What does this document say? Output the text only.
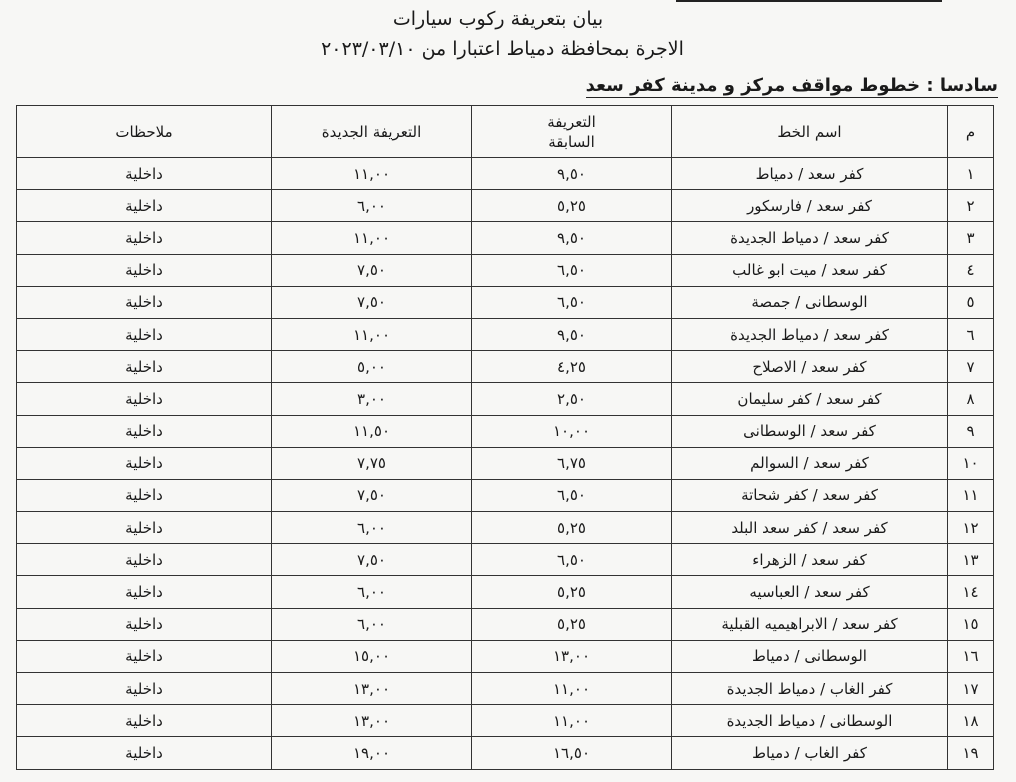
بيان بتعريفة ركوب سيارات
الاجرة بمحافظة دمياط اعتبارا من ٢٠٢٣/٠٣/١٠
سادسا : خطوط مواقف مركز و مدينة كفر سعد
م	اسم الخط	التعريفة السابقة	التعريفة الجديدة	ملاحظات
١	كفر سعد / دمياط	٩,٥٠	١١,٠٠	داخلية
٢	كفر سعد / فارسكور	٥,٢٥	٦,٠٠	داخلية
٣	كفر سعد / دمياط الجديدة	٩,٥٠	١١,٠٠	داخلية
٤	كفر سعد / ميت ابو غالب	٦,٥٠	٧,٥٠	داخلية
٥	الوسطانى / جمصة	٦,٥٠	٧,٥٠	داخلية
٦	كفر سعد / دمياط الجديدة	٩,٥٠	١١,٠٠	داخلية
٧	كفر سعد / الاصلاح	٤,٢٥	٥,٠٠	داخلية
٨	كفر سعد / كفر سليمان	٢,٥٠	٣,٠٠	داخلية
٩	كفر سعد / الوسطانى	١٠,٠٠	١١,٥٠	داخلية
١٠	كفر سعد / السوالم	٦,٧٥	٧,٧٥	داخلية
١١	كفر سعد / كفر شحاتة	٦,٥٠	٧,٥٠	داخلية
١٢	كفر سعد / كفر سعد البلد	٥,٢٥	٦,٠٠	داخلية
١٣	كفر سعد / الزهراء	٦,٥٠	٧,٥٠	داخلية
١٤	كفر سعد / العباسيه	٥,٢٥	٦,٠٠	داخلية
١٥	كفر سعد / الابراهيميه القبلية	٥,٢٥	٦,٠٠	داخلية
١٦	الوسطانى / دمياط	١٣,٠٠	١٥,٠٠	داخلية
١٧	كفر الغاب / دمياط الجديدة	١١,٠٠	١٣,٠٠	داخلية
١٨	الوسطانى / دمياط الجديدة	١١,٠٠	١٣,٠٠	داخلية
١٩	كفر الغاب / دمياط	١٦,٥٠	١٩,٠٠	داخلية
